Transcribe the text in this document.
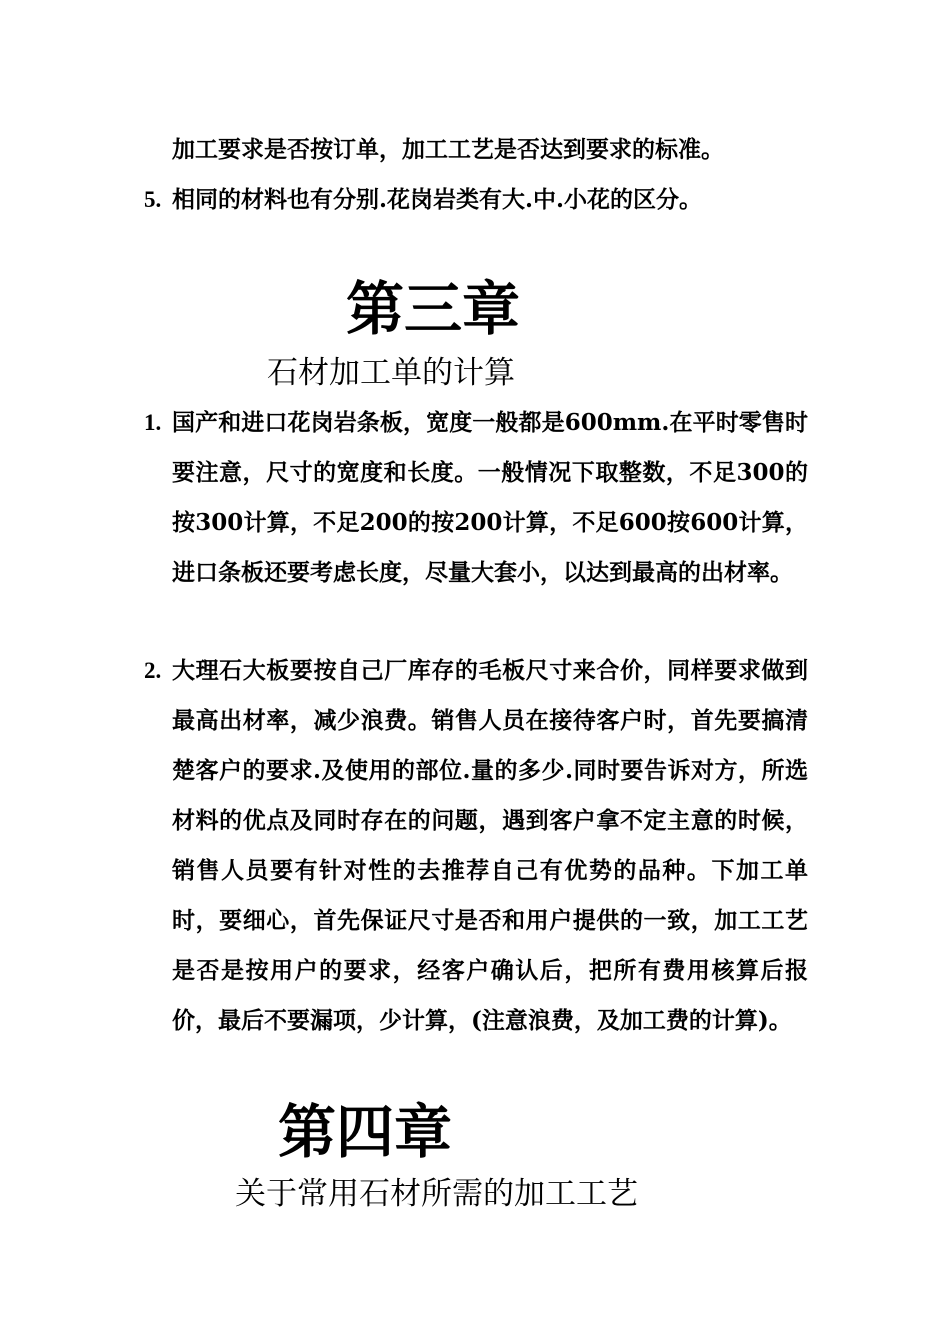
加工要求是否按订单，加工工艺是否达到要求的标准。
5. 相同的材料也有分别.花岗岩类有大.中.小花的区分。
第三章
石材加工单的计算
1. 国产和进口花岗岩条板，宽度一般都是600mm.在平时零售时要注意，尺寸的宽度和长度。一般情况下取整数，不足300的按300计算，不足200的按200计算，不足600按600计算，进口条板还要考虑长度，尽量大套小，以达到最高的出材率。
2. 大理石大板要按自己厂库存的毛板尺寸来合价，同样要求做到最高出材率，减少浪费。销售人员在接待客户时，首先要搞清楚客户的要求.及使用的部位.量的多少.同时要告诉对方，所选材料的优点及同时存在的问题，遇到客户拿不定主意的时候，销售人员要有针对性的去推荐自己有优势的品种。下加工单时，要细心，首先保证尺寸是否和用户提供的一致，加工工艺是否是按用户的要求，经客户确认后，把所有费用核算后报价，最后不要漏项，少计算，(注意浪费，及加工费的计算)。
第四章
关于常用石材所需的加工工艺
